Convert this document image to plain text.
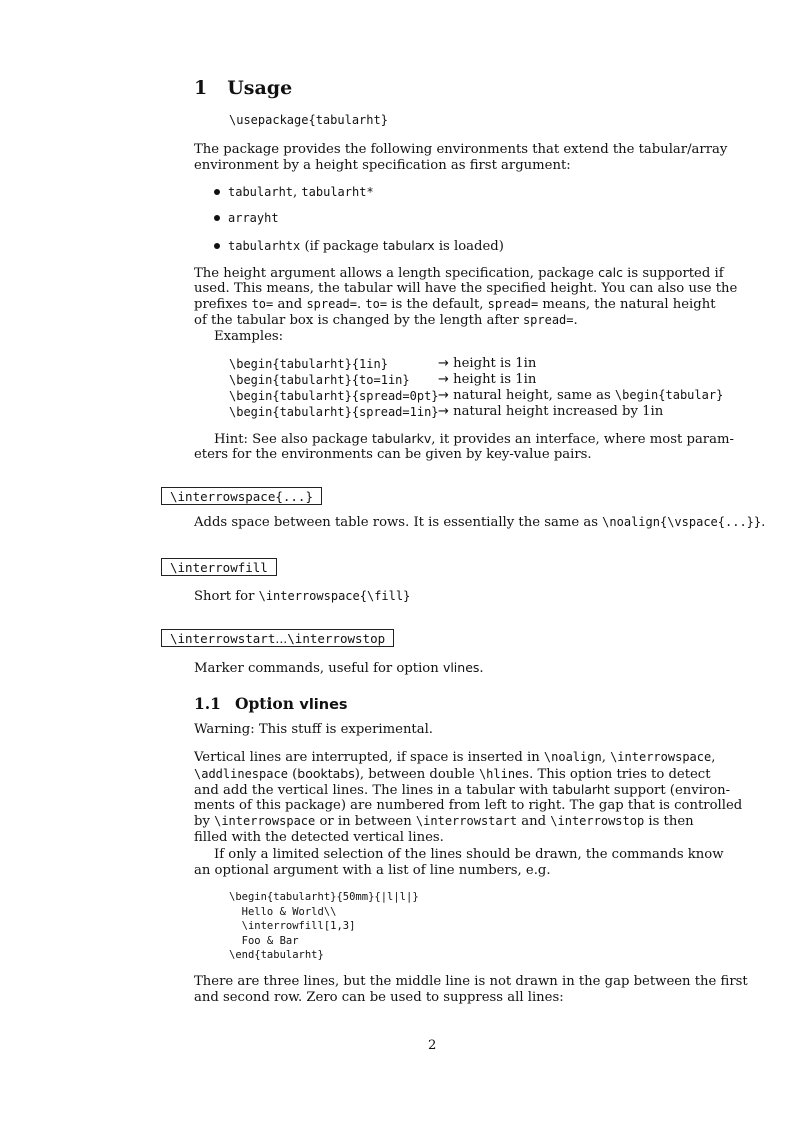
1 Usage
\usepackage{tabularht}
The package provides the following environments that extend the tabular/array
environment by a height specification as first argument:
tabularht, tabularht*
arrayht
tabularhtx (if package tabularx is loaded)
The height argument allows a length specification, package calc is supported if
used. This means, the tabular will have the specified height. You can also use the
prefixes to= and spread=. to= is the default, spread= means, the natural height
of the tabular box is changed by the length after spread=.
Examples:
\begin{tabularht}{1in}	→ height is 1in
\begin{tabularht}{to=1in} → height is 1in
\begin{tabularht}{spread=0pt} → natural height, same as \begin{tabular}
\begin{tabularht}{spread=1in} → natural height increased by 1in
Hint: See also package tabularkv, it provides an interface, where most param-
eters for the environments can be given by key-value pairs.
\interrowspace{...}
Adds space between table rows. It is essentially the same as \noalign{\vspace{...}}.
\interrowfill
Short for \interrowspace{\fill}
\interrowstart...\interrowstop
Marker commands, useful for option vlines.
1.1 Option vlines
Warning: This stuff is experimental.
Vertical lines are interrupted, if space is inserted in \noalign, \interrowspace,
\addlinespace (booktabs), between double \hlines. This option tries to detect
and add the vertical lines. The lines in a tabular with tabularht support (environ-
ments of this package) are numbered from left to right. The gap that is controlled
by \interrowspace or in between \interrowstart and \interrowstop is then
filled with the detected vertical lines.
If only a limited selection of the lines should be drawn, the commands know
an optional argument with a list of line numbers, e.g.
\begin{tabularht}{50mm}{|l|l|}
Hello & World\\
\interrowfill[1,3]
Foo & Bar
\end{tabularht}
There are three lines, but the middle line is not drawn in the gap between the first
and second row. Zero can be used to suppress all lines:
2
